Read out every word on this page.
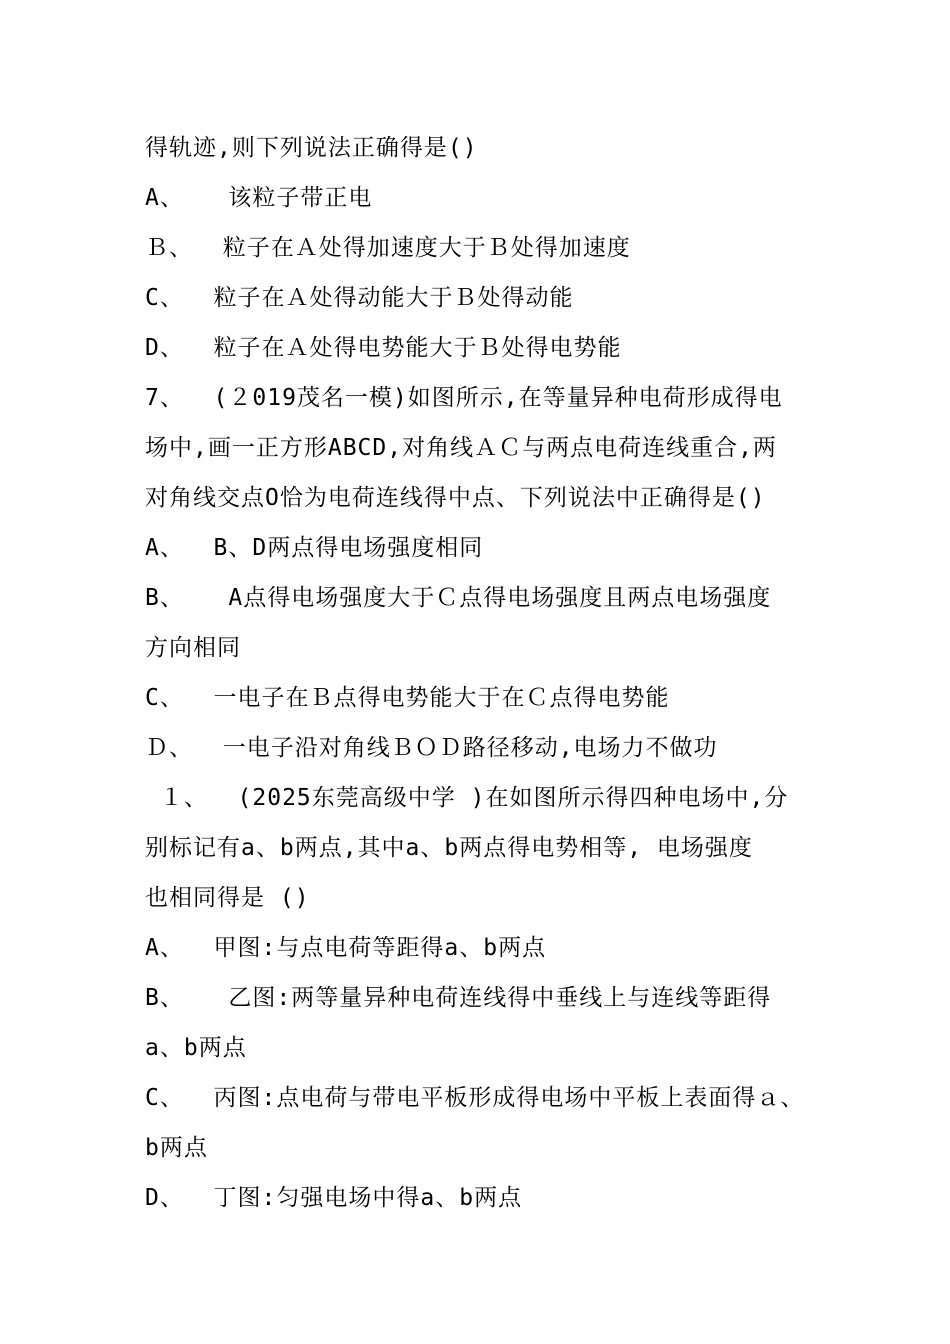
得轨迹,则下列说法正确得是()
A、   该粒子带正电
Ｂ、  粒子在Ａ处得加速度大于Ｂ处得加速度
C、  粒子在Ａ处得动能大于Ｂ处得动能
D、  粒子在Ａ处得电势能大于Ｂ处得电势能
7、  (２019茂名一模)如图所示,在等量异种电荷形成得电
场中,画一正方形ABCD,对角线ＡＣ与两点电荷连线重合,两
对角线交点O恰为电荷连线得中点、下列说法中正确得是()
A、  B、D两点得电场强度相同
B、   A点得电场强度大于Ｃ点得电场强度且两点电场强度
方向相同
C、  一电子在Ｂ点得电势能大于在Ｃ点得电势能
Ｄ、  一电子沿对角线ＢＯＤ路径移动,电场力不做功
１、  (2025东莞高级中学 )在如图所示得四种电场中,分
别标记有a、b两点,其中a、b两点得电势相等, 电场强度
也相同得是 ()
A、  甲图:与点电荷等距得a、b两点
B、   乙图:两等量异种电荷连线得中垂线上与连线等距得
a、b两点
C、  丙图:点电荷与带电平板形成得电场中平板上表面得ａ、
b两点
D、  丁图:匀强电场中得a、b两点
